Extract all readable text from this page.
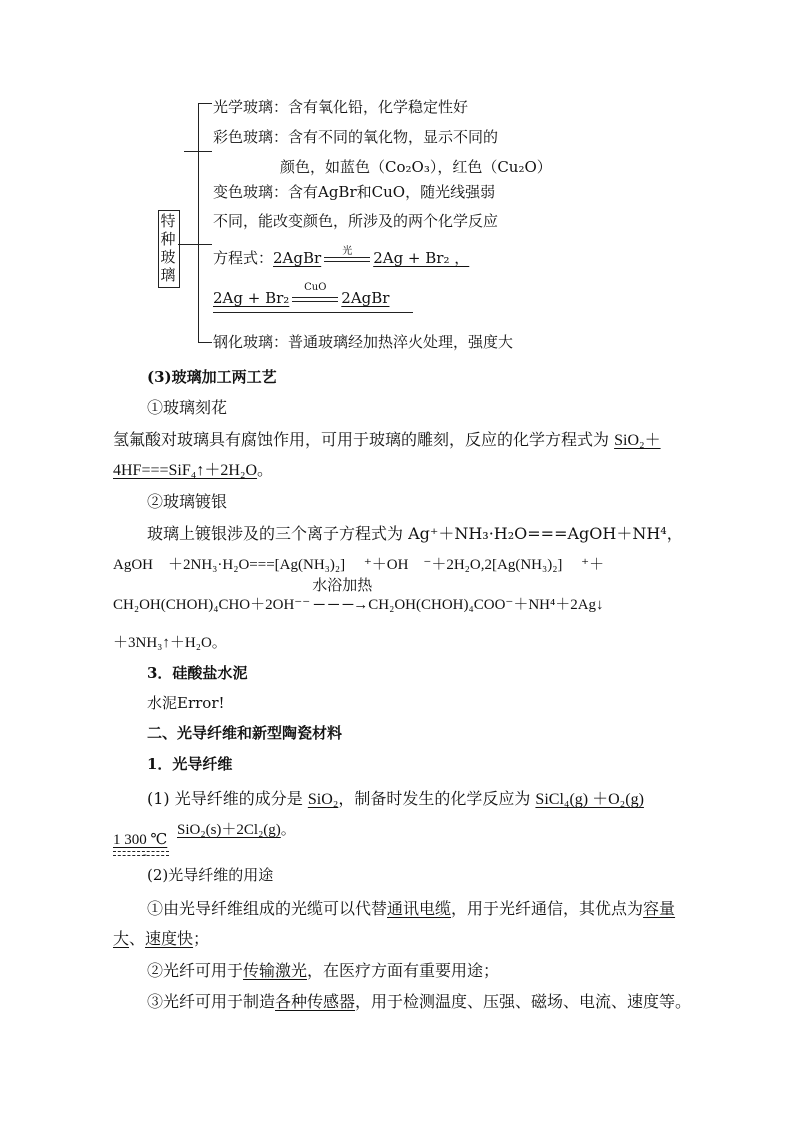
特种玻璃
光学玻璃：含有氧化铅，化学稳定性好
彩色玻璃：含有不同的氧化物，显示不同的
颜色，如蓝色（Co₂O₃），红色（Cu₂O）
变色玻璃：含有AgBr和CuO，随光线强弱
不同，能改变颜色，所涉及的两个化学反应
方程式：2AgBr	光	2Ag + Br₂ ，
2Ag + Br₂
CuO
2AgBr
钢化玻璃：普通玻璃经加热淬火处理，强度大
(3)玻璃加工两工艺
①玻璃刻花
氢氟酸对玻璃具有腐蚀作用，可用于玻璃的雕刻，反应的化学方程式为 SiO₂＋
4HF===SiF₄↑＋2H₂O。
②玻璃镀银
玻璃上镀银涉及的三个离子方程式为 Ag⁺＋NH₃·H₂O===AgOH＋NH⁴，
AgOH　＋2NH₃·H₂O===[Ag(NH₃)₂]　 ⁺＋OH　⁻＋2H₂O,2[Ag(NH₃)₂]　 ⁺＋
CH₂OH(CHOH)₄CHO＋2OH⁻
水浴加热
⁻ ─ ─ ─→CH₂OH(CHOH)₄COO⁻＋NH⁴＋2Ag↓
＋3NH₃↑＋H₂O。
3．硅酸盐水泥
水泥Error!
二、光导纤维和新型陶瓷材料
1．光导纤维
(1) 光导纤维的成分是 SiO₂，制备时发生的化学反应为 SiCl₄(g) ＋O₂(g)
1 300 ℃
SiO₂(s)＋2Cl₂(g)。
-
(2)光导纤维的用途
①由光导纤维组成的光缆可以代替通讯电缆，用于光纤通信，其优点为容量
大、速度快；
②光纤可用于传输激光，在医疗方面有重要用途；
③光纤可用于制造各种传感器，用于检测温度、压强、磁场、电流、速度等。
